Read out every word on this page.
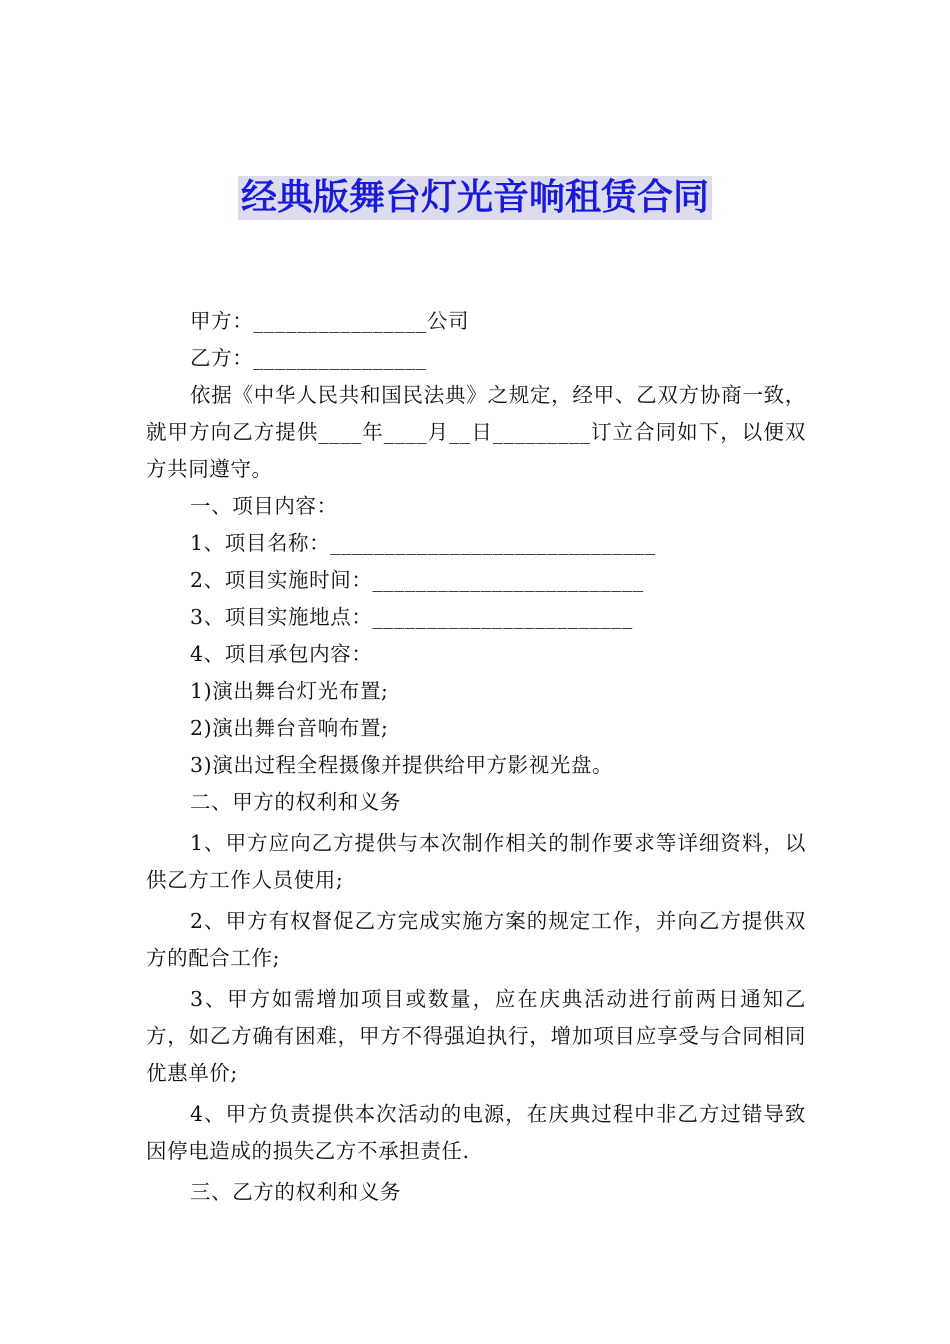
经典版舞台灯光音响租赁合同

甲方：________________公司

乙方：________________

依据《中华人民共和国民法典》之规定，经甲、乙双方协商一致，就甲方向乙方提供____年____月__日_________订立合同如下，以便双方共同遵守。

一、项目内容：

1、项目名称：______________________________

2、项目实施时间：_________________________

3、项目实施地点：________________________

4、项目承包内容：

1)演出舞台灯光布置;

2)演出舞台音响布置;

3)演出过程全程摄像并提供给甲方影视光盘。

二、甲方的权利和义务

1、甲方应向乙方提供与本次制作相关的制作要求等详细资料，以供乙方工作人员使用;

2、甲方有权督促乙方完成实施方案的规定工作，并向乙方提供双方的配合工作;

3、甲方如需增加项目或数量，应在庆典活动进行前两日通知乙方，如乙方确有困难，甲方不得强迫执行，增加项目应享受与合同相同优惠单价;

4、甲方负责提供本次活动的电源，在庆典过程中非乙方过错导致因停电造成的损失乙方不承担责任.

三、乙方的权利和义务
